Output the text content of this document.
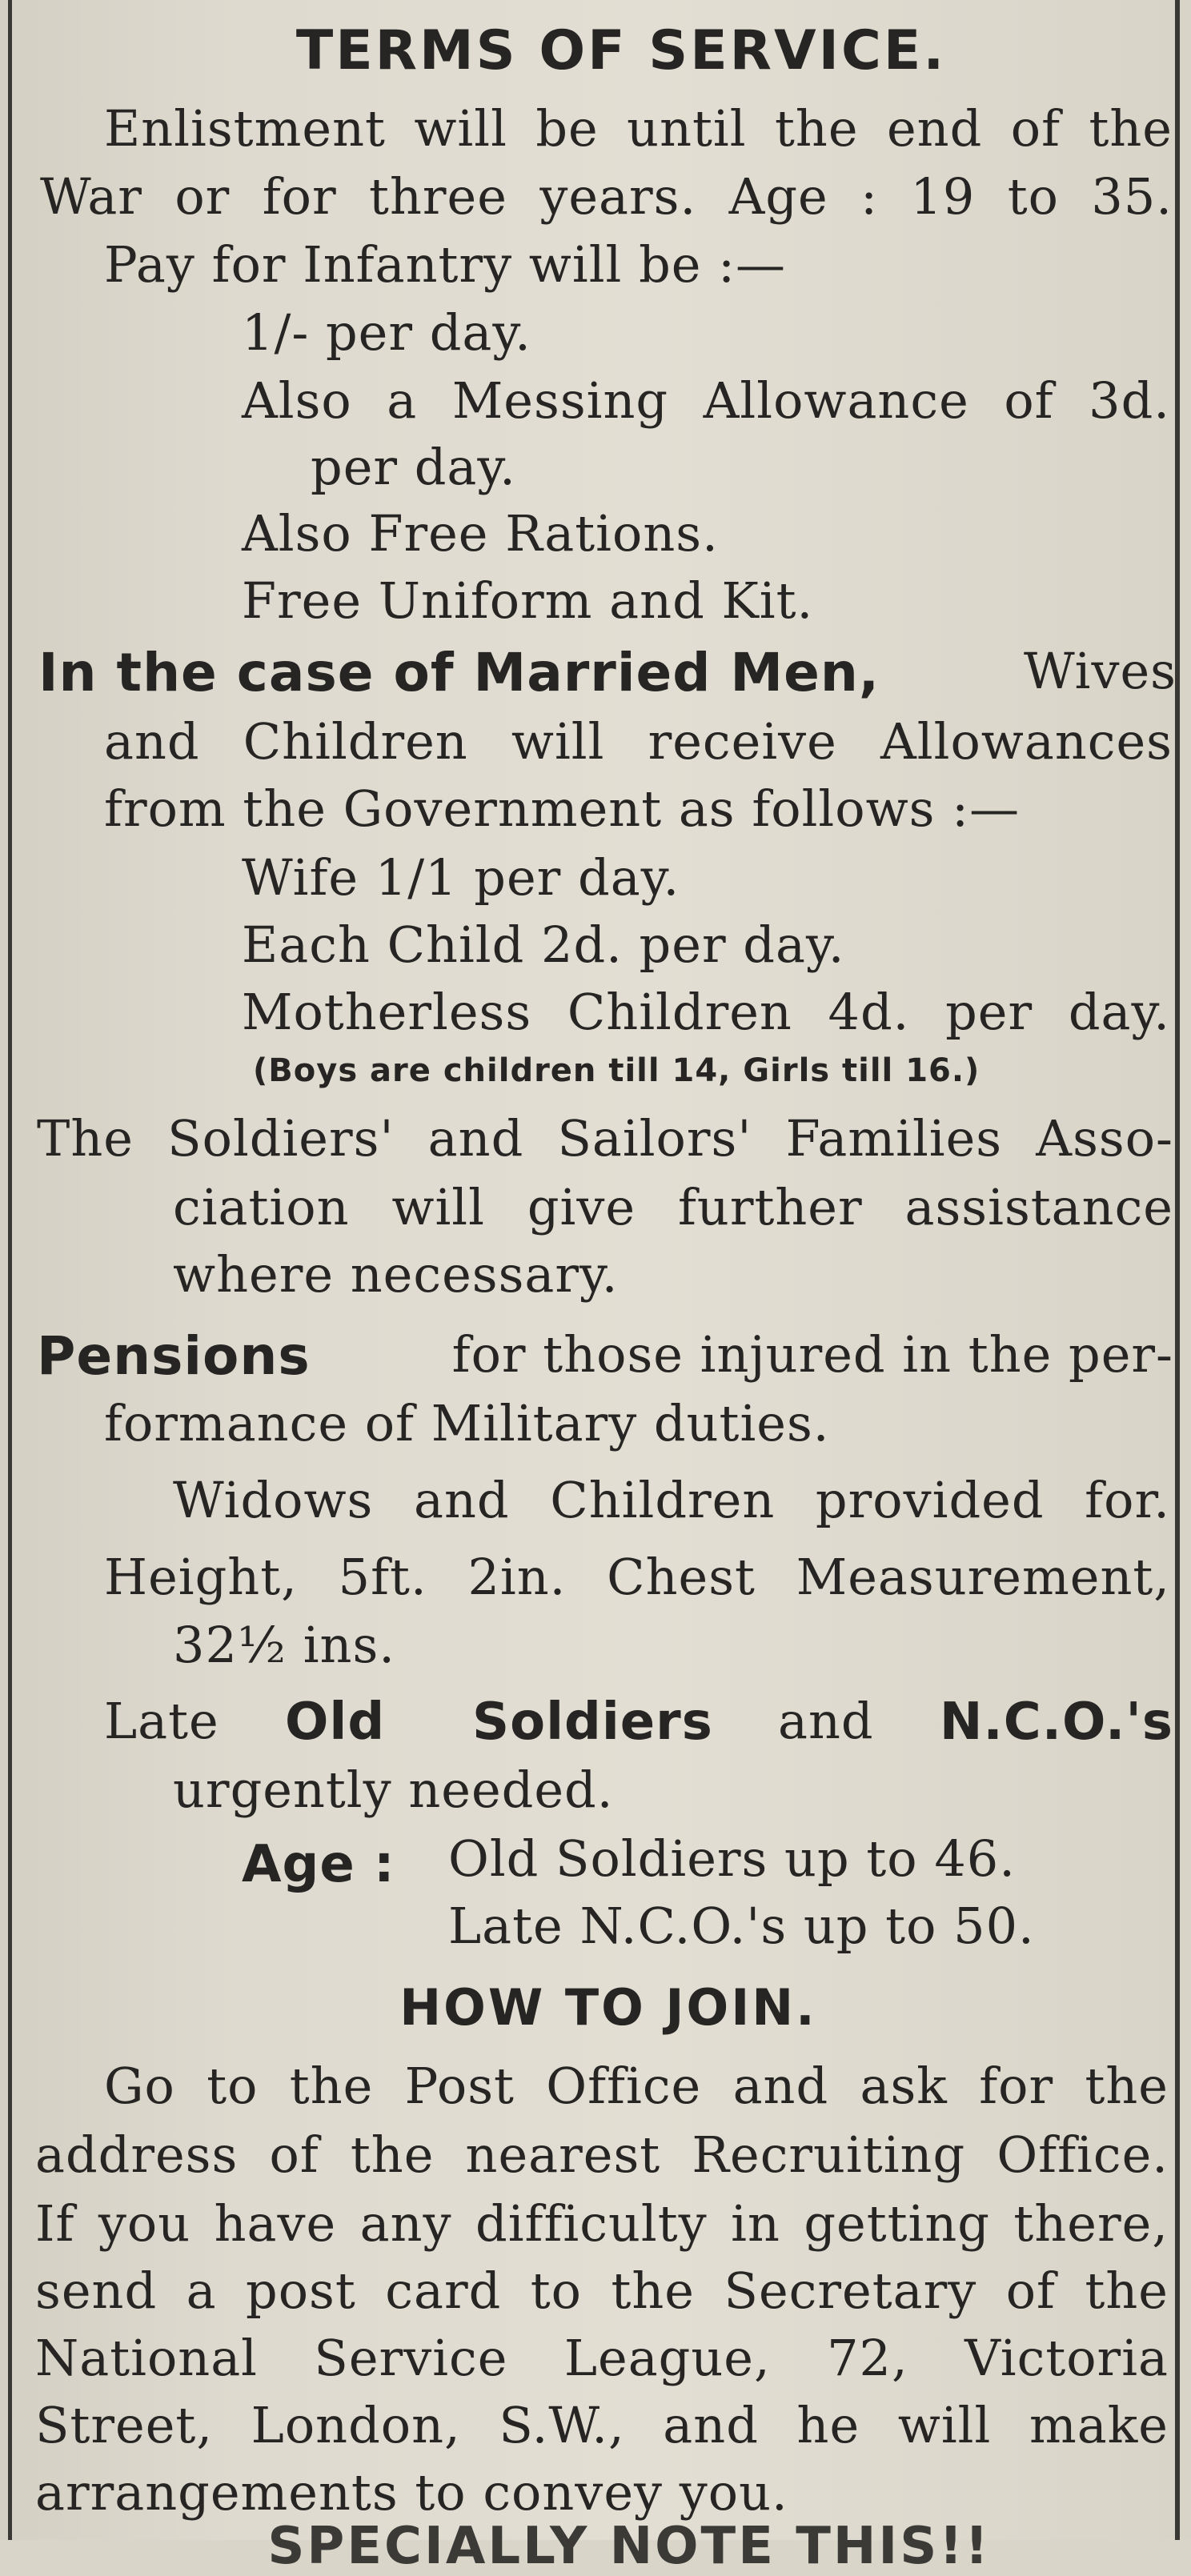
TERMS OF SERVICE.
Enlistment will be until the end of the
War or for three years. Age : 19 to 35.
Pay for Infantry will be :—
1/- per day.
Also a Messing Allowance of 3d.
per day.
Also Free Rations.
Free Uniform and Kit.
In the case of Married Men,	Wives
and Children will receive Allowances
from the Government as follows :—
Wife 1/1 per day.
Each Child 2d. per day.
Motherless Children 4d. per day.
(Boys are children till 14, Girls till 16.)
The Soldiers' and Sailors' Families Asso-
ciation will give further assistance
where necessary.
Pensions	for those injured in the per-
formance of Military duties.
Widows and Children provided for.
Height, 5ft. 2in. Chest Measurement,
32½ ins.
Late Old Soldiers and N.C.O.'s
urgently needed.
Age : Old Soldiers up to 46.
Late N.C.O.'s up to 50.
HOW TO JOIN.
Go to the Post Office and ask for the
address of the nearest Recruiting Office.
If you have any difficulty in getting there,
send a post card to the Secretary of the
National Service League, 72, Victoria
Street, London, S.W., and he will make
arrangements to convey you.
SPECIALLY NOTE THIS!!
